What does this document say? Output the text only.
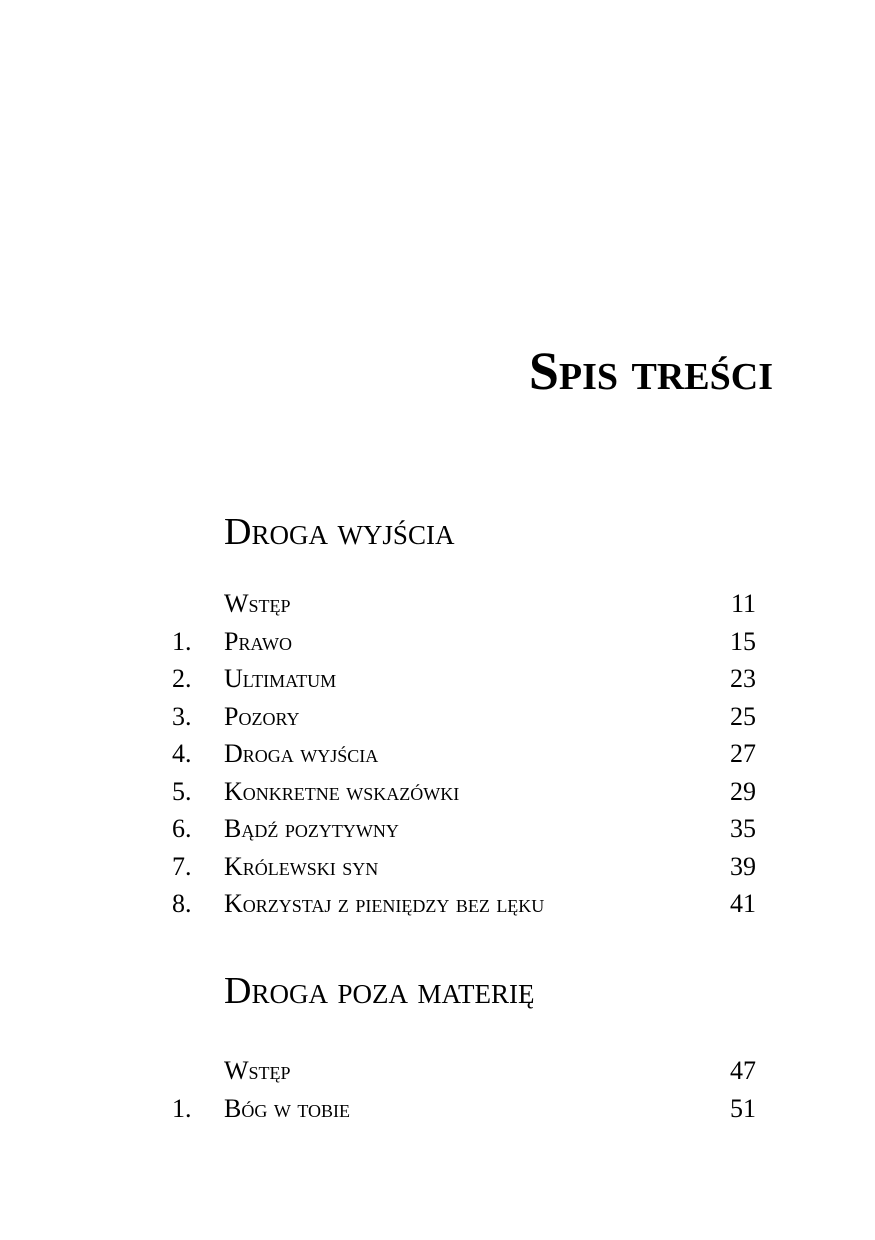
Spis treści
Droga wyjścia
Wstęp	11
1. Prawo	15
2. Ultimatum	23
3. Pozory	25
4. Droga wyjścia	27
5. Konkretne wskazówki	29
6. Bądź pozytywny	35
7. Królewski syn	39
8. Korzystaj z pieniędzy bez lęku	41
Droga poza materię
Wstęp	47
1. Bóg w tobie	51
